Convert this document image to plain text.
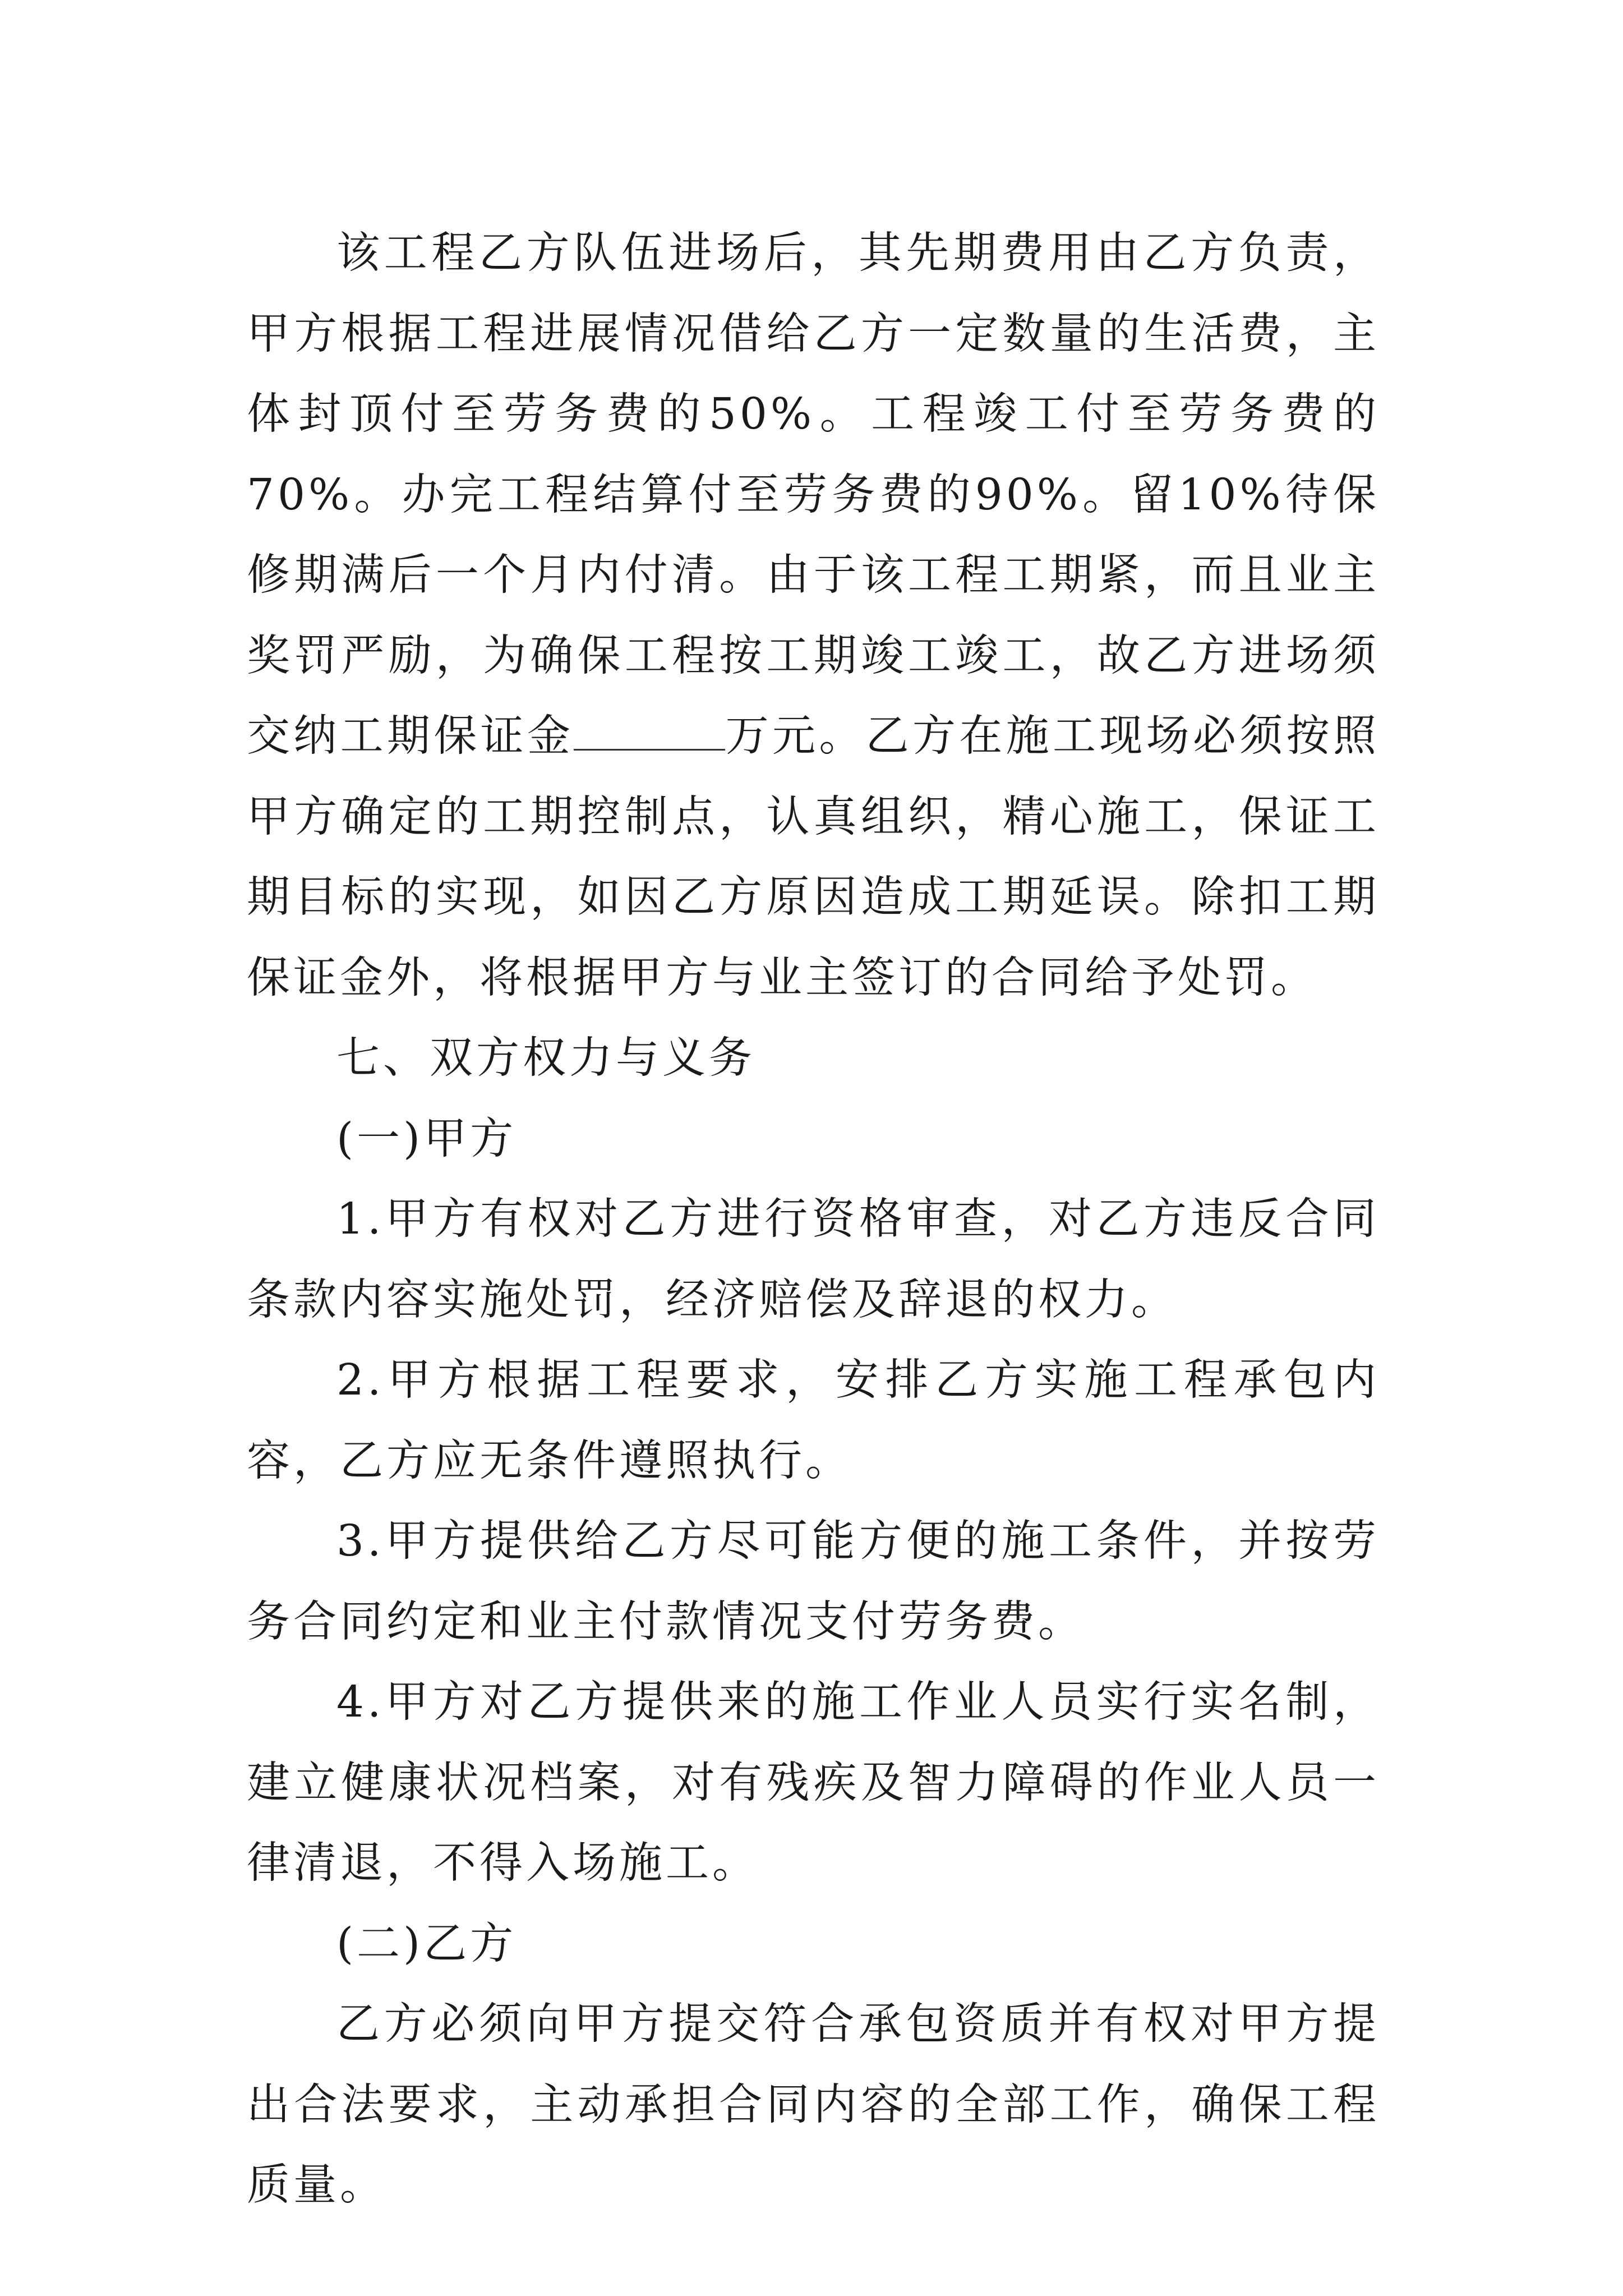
该工程乙方队伍进场后，其先期费用由乙方负责，甲方根据工程进展情况借给乙方一定数量的生活费，主体封顶付至劳务费的50%。工程竣工付至劳务费的70%。办完工程结算付至劳务费的90%。留10%待保修期满后一个月内付清。由于该工程工期紧，而且业主奖罚严励，为确保工程按工期竣工竣工，故乙方进场须交纳工期保证金	万元。乙方在施工现场必须按照甲方确定的工期控制点，认真组织，精心施工，保证工期目标的实现，如因乙方原因造成工期延误。除扣工期保证金外，将根据甲方与业主签订的合同给予处罚。

七、双方权力与义务

(一)甲方

1.甲方有权对乙方进行资格审查，对乙方违反合同条款内容实施处罚，经济赔偿及辞退的权力。

2.甲方根据工程要求，安排乙方实施工程承包内容，乙方应无条件遵照执行。

3.甲方提供给乙方尽可能方便的施工条件，并按劳务合同约定和业主付款情况支付劳务费。

4.甲方对乙方提供来的施工作业人员实行实名制，建立健康状况档案，对有残疾及智力障碍的作业人员一律清退，不得入场施工。

(二)乙方

乙方必须向甲方提交符合承包资质并有权对甲方提出合法要求，主动承担合同内容的全部工作，确保工程质量。
